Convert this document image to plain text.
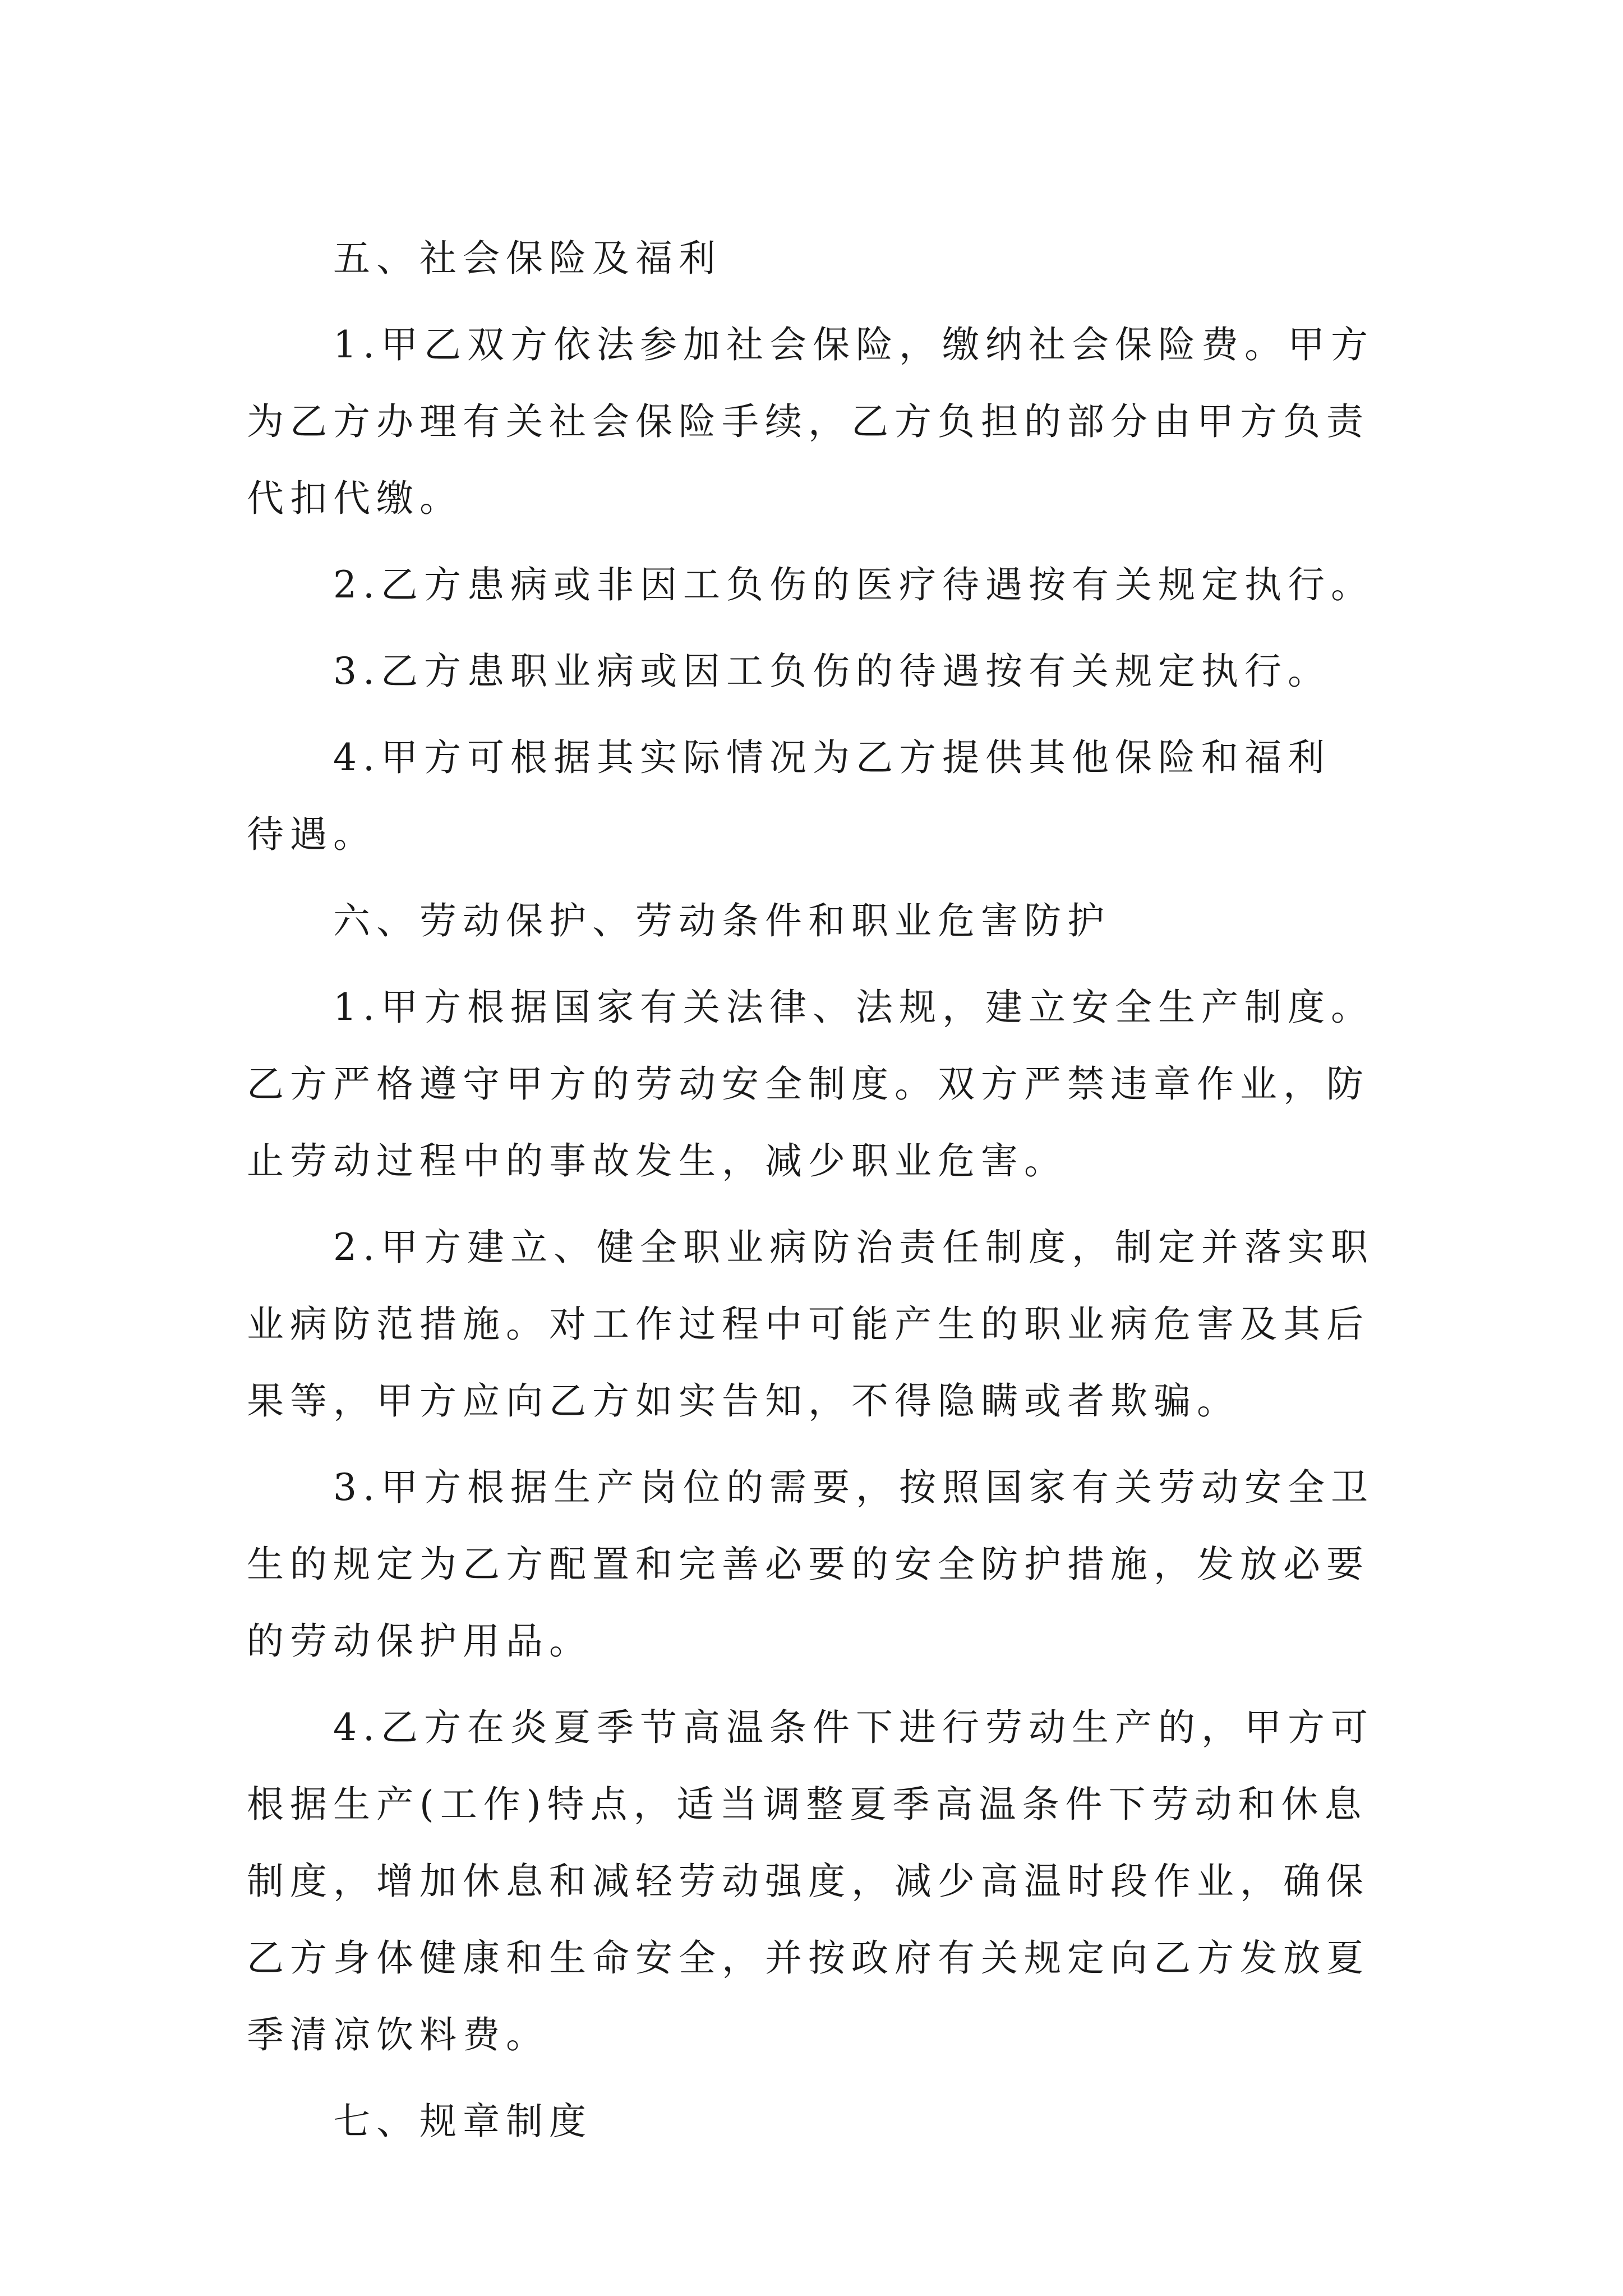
五、社会保险及福利
1.甲乙双方依法参加社会保险，缴纳社会保险费。甲方
为乙方办理有关社会保险手续，乙方负担的部分由甲方负责
代扣代缴。
2.乙方患病或非因工负伤的医疗待遇按有关规定执行。
3.乙方患职业病或因工负伤的待遇按有关规定执行。
4.甲方可根据其实际情况为乙方提供其他保险和福利
待遇。
六、劳动保护、劳动条件和职业危害防护
1.甲方根据国家有关法律、法规，建立安全生产制度。
乙方严格遵守甲方的劳动安全制度。双方严禁违章作业，防
止劳动过程中的事故发生，减少职业危害。
2.甲方建立、健全职业病防治责任制度，制定并落实职
业病防范措施。对工作过程中可能产生的职业病危害及其后
果等，甲方应向乙方如实告知，不得隐瞒或者欺骗。
3.甲方根据生产岗位的需要，按照国家有关劳动安全卫
生的规定为乙方配置和完善必要的安全防护措施，发放必要
的劳动保护用品。
4.乙方在炎夏季节高温条件下进行劳动生产的，甲方可
根据生产(工作)特点，适当调整夏季高温条件下劳动和休息
制度，增加休息和减轻劳动强度，减少高温时段作业，确保
乙方身体健康和生命安全，并按政府有关规定向乙方发放夏
季清凉饮料费。
七、规章制度
